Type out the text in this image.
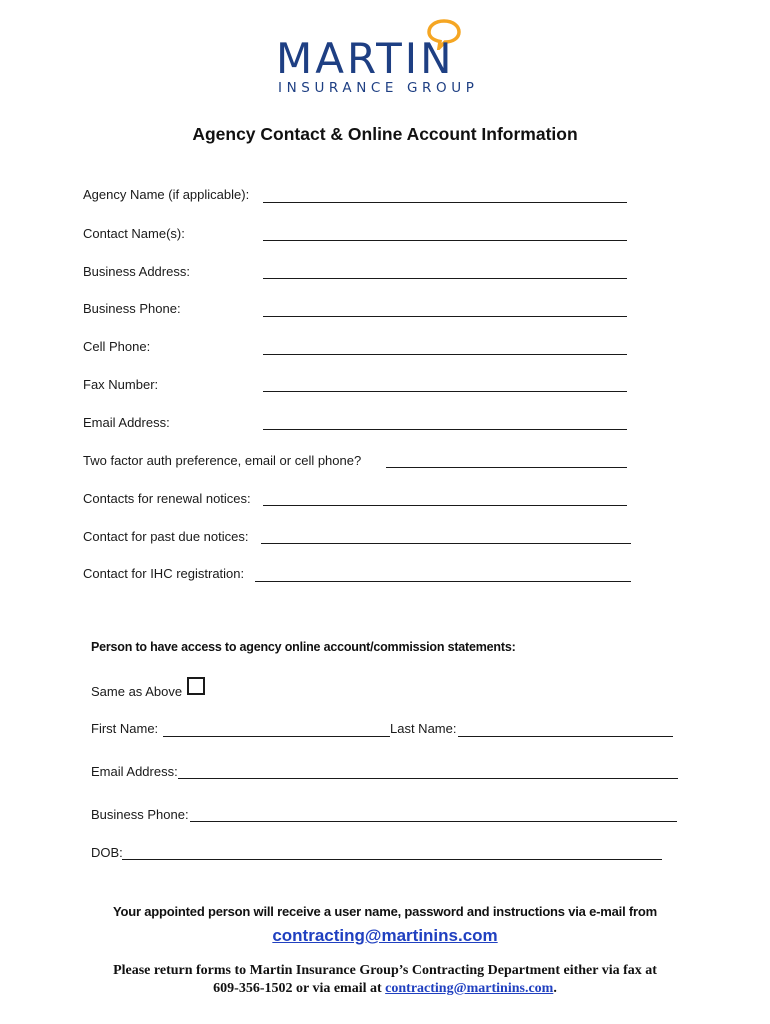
MARTIN
INSURANCE GROUP
Agency Contact & Online Account Information
Agency Name (if applicable):
Contact Name(s):
Business Address:
Business Phone:
Cell Phone:
Fax Number:
Email Address:
Two factor auth preference, email or cell phone?
Contacts for renewal notices:
Contact for past due notices:
Contact for IHC registration:
Person to have access to agency online account/commission statements:
Same as Above
First Name:	Last Name:
Email Address:
Business Phone:
DOB:
Your appointed person will receive a user name, password and instructions via e-mail from
contracting@martinins.com
Please return forms to Martin Insurance Group’s Contracting Department either via fax at
609-356-1502 or via email at contracting@martinins.com.
